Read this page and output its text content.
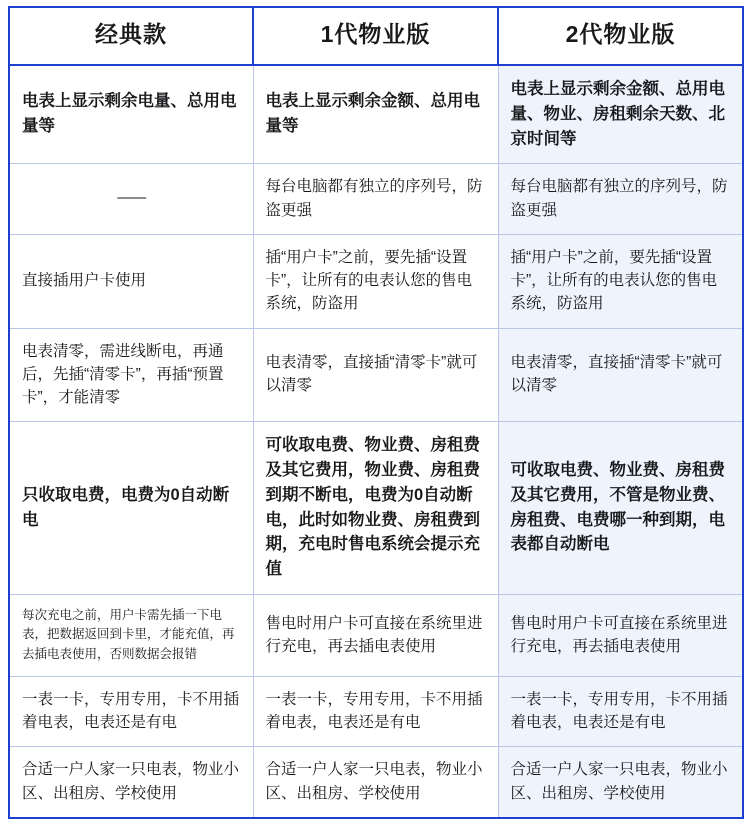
经典款	1代物业版	2代物业版

电表上显示剩余电量、总用电量等	电表上显示剩余金额、总用电量等	电表上显示剩余金额、总用电量、物业、房租剩余天数、北京时间等

——	每台电脑都有独立的序列号，防盗更强	每台电脑都有独立的序列号，防盗更强

直接插用户卡使用	插“用户卡”之前，要先插“设置卡”，让所有的电表认您的售电系统，防盗用	插“用户卡”之前，要先插“设置卡”，让所有的电表认您的售电系统，防盗用

电表清零，需进线断电，再通后，先插“清零卡”，再插“预置卡”，才能清零	电表清零，直接插“清零卡”就可以清零	电表清零，直接插“清零卡”就可以清零

只收取电费，电费为0自动断电	可收取电费、物业费、房租费及其它费用，物业费、房租费到期不断电，电费为0自动断电，此时如物业费、房租费到期，充电时售电系统会提示充值	可收取电费、物业费、房租费及其它费用，不管是物业费、房租费、电费哪一种到期，电表都自动断电

每次充电之前，用户卡需先插一下电表，把数据返回到卡里，才能充值，再去插电表使用，否则数据会报错	售电时用户卡可直接在系统里进行充电，再去插电表使用	售电时用户卡可直接在系统里进行充电，再去插电表使用

一表一卡，专用专用，卡不用插着电表，电表还是有电	一表一卡，专用专用，卡不用插着电表，电表还是有电	一表一卡，专用专用，卡不用插着电表，电表还是有电

合适一户人家一只电表，物业小区、出租房、学校使用	合适一户人家一只电表，物业小区、出租房、学校使用	合适一户人家一只电表，物业小区、出租房、学校使用
